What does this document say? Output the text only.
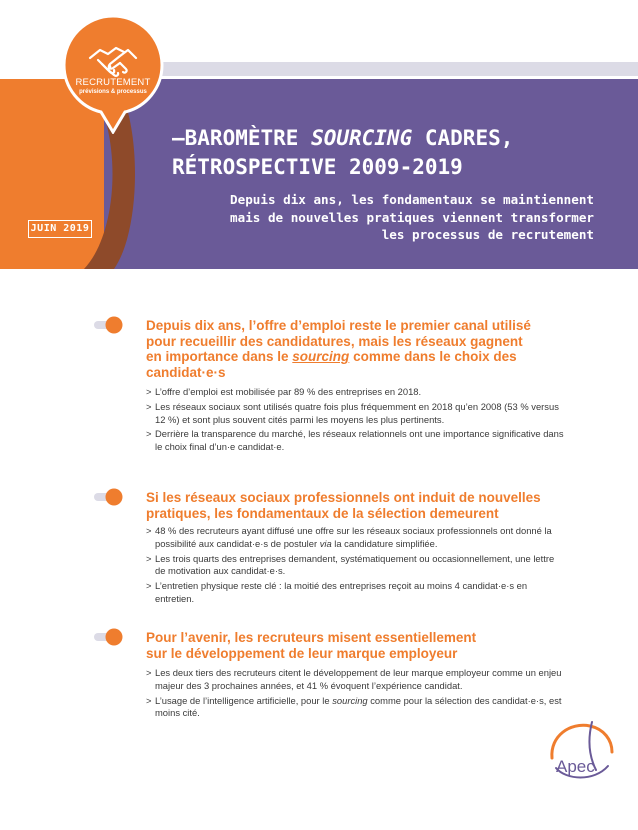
RECRUTEMENT
prévisions & processus
JUIN 2019
–BAROMÈTRE SOURCING CADRES,
RÉTROSPECTIVE 2009-2019
Depuis dix ans, les fondamentaux se maintiennent
mais de nouvelles pratiques viennent transformer
les processus de recrutement
Depuis dix ans, l’offre d’emploi reste le premier canal utilisé
pour recueillir des candidatures, mais les réseaux gagnent
en importance dans le sourcing comme dans le choix des
candidat·e·s
> L’offre d’emploi est mobilisée par 89 % des entreprises en 2018.
> Les réseaux sociaux sont utilisés quatre fois plus fréquemment en 2018 qu’en 2008 (53 % versus 12 %) et sont plus souvent cités parmi les moyens les plus pertinents.
> Derrière la transparence du marché, les réseaux relationnels ont une importance significative dans le choix final d’un·e candidat·e.
Si les réseaux sociaux professionnels ont induit de nouvelles
pratiques, les fondamentaux de la sélection demeurent
> 48 % des recruteurs ayant diffusé une offre sur les réseaux sociaux professionnels ont donné la possibilité aux candidat·e·s de postuler via la candidature simplifiée.
> Les trois quarts des entreprises demandent, systématiquement ou occasionnellement, une lettre de motivation aux candidat·e·s.
> L’entretien physique reste clé : la moitié des entreprises reçoit au moins 4 candidat·e·s en entretien.
Pour l’avenir, les recruteurs misent essentiellement
sur le développement de leur marque employeur
> Les deux tiers des recruteurs citent le développement de leur marque employeur comme un enjeu majeur des 3 prochaines années, et 41 % évoquent l’expérience candidat.
> L’usage de l’intelligence artificielle, pour le sourcing comme pour la sélection des candidat·e·s, est moins cité.
Apec
